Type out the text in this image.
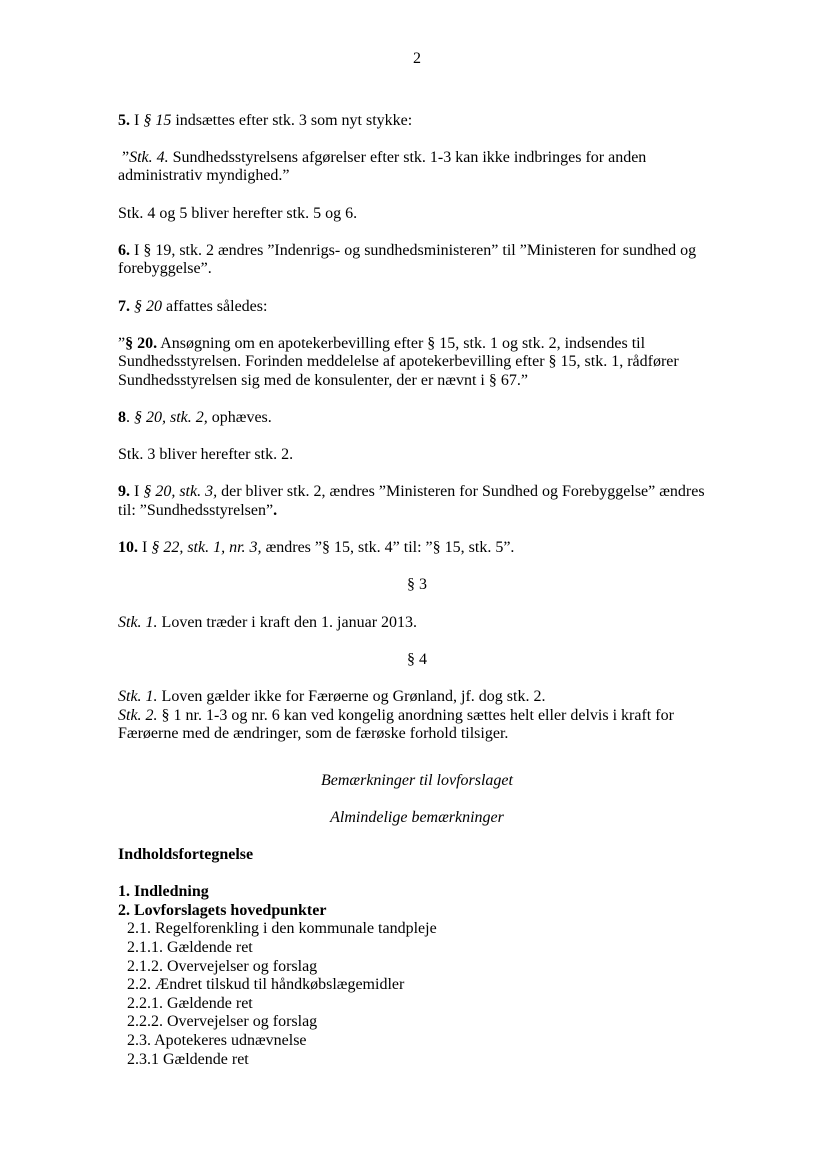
2

5. I § 15 indsættes efter stk. 3 som nyt stykke:

”Stk. 4. Sundhedsstyrelsens afgørelser efter stk. 1-3 kan ikke indbringes for anden administrativ myndighed.”

Stk. 4 og 5 bliver herefter stk. 5 og 6.

6. I § 19, stk. 2 ændres ”Indenrigs- og sundhedsministeren” til ”Ministeren for sundhed og forebyggelse”.

7. § 20 affattes således:

”§ 20. Ansøgning om en apotekerbevilling efter § 15, stk. 1 og stk. 2, indsendes til Sundhedsstyrelsen. Forinden meddelelse af apotekerbevilling efter § 15, stk. 1, rådfører Sundhedsstyrelsen sig med de konsulenter, der er nævnt i § 67.”

8. § 20, stk. 2, ophæves.

Stk. 3 bliver herefter stk. 2.

9. I § 20, stk. 3, der bliver stk. 2, ændres ”Ministeren for Sundhed og Forebyggelse” ændres til: ”Sundhedsstyrelsen”.

10. I § 22, stk. 1, nr. 3, ændres ”§ 15, stk. 4” til: ”§ 15, stk. 5”.

§ 3

Stk. 1. Loven træder i kraft den 1. januar 2013.

§ 4

Stk. 1. Loven gælder ikke for Færøerne og Grønland, jf. dog stk. 2.

Stk. 2. § 1 nr. 1-3 og nr. 6 kan ved kongelig anordning sættes helt eller delvis i kraft for Færøerne med de ændringer, som de færøske forhold tilsiger.

Bemærkninger til lovforslaget

Almindelige bemærkninger

Indholdsfortegnelse

1. Indledning

2. Lovforslagets hovedpunkter

2.1. Regelforenkling i den kommunale tandpleje

2.1.1. Gældende ret

2.1.2. Overvejelser og forslag

2.2. Ændret tilskud til håndkøbslægemidler

2.2.1. Gældende ret

2.2.2. Overvejelser og forslag

2.3. Apotekeres udnævnelse

2.3.1 Gældende ret
